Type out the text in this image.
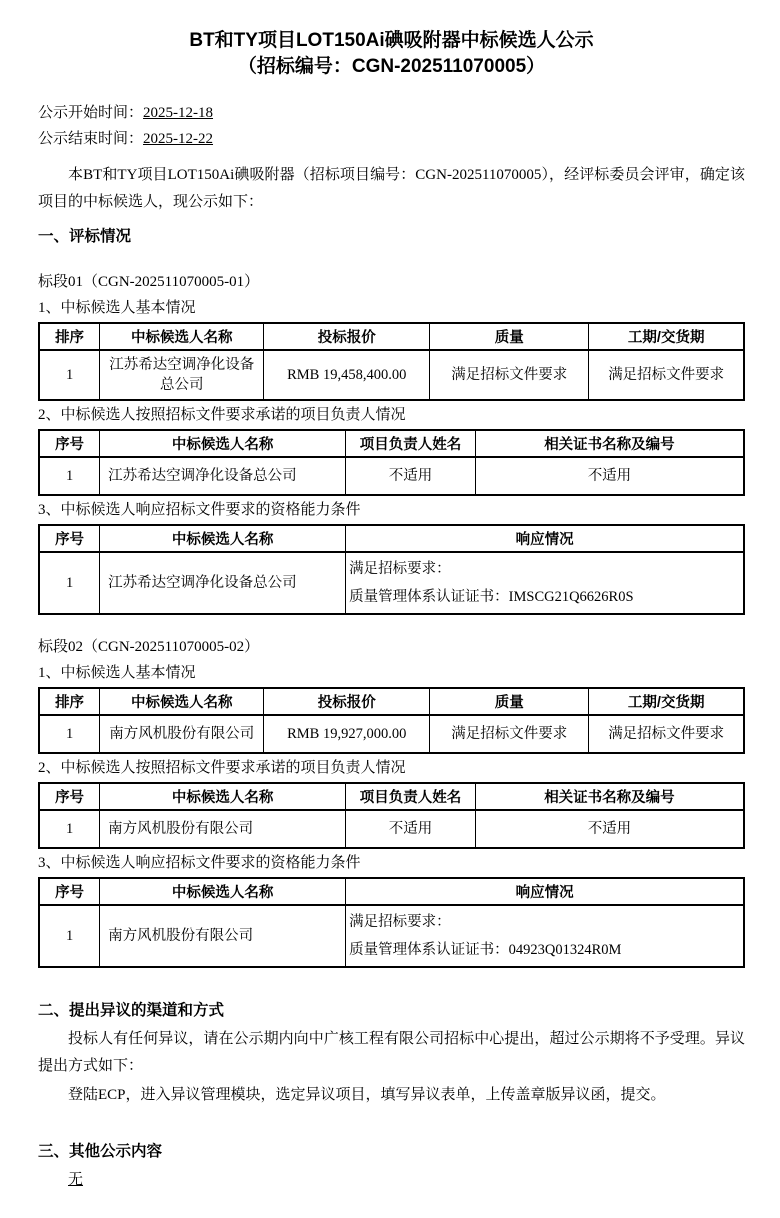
BT和TY项目LOT150Ai碘吸附器中标候选人公示
（招标编号：CGN-202511070005）
公示开始时间：2025-12-18
公示结束时间：2025-12-22

本BT和TY项目LOT150Ai碘吸附器（招标项目编号：CGN-202511070005），经评标委员会评审，确定该项目的中标候选人，现公示如下：

一、评标情况
标段01（CGN-202511070005-01）
1、中标候选人基本情况
排序	中标候选人名称	投标报价	质量	工期/交货期
1	江苏希达空调净化设备总公司	RMB 19,458,400.00	满足招标文件要求	满足招标文件要求
2、中标候选人按照招标文件要求承诺的项目负责人情况
序号	中标候选人名称	项目负责人姓名	相关证书名称及编号
1	江苏希达空调净化设备总公司	不适用	不适用
3、中标候选人响应招标文件要求的资格能力条件
序号	中标候选人名称	响应情况
1	江苏希达空调净化设备总公司	满足招标要求：
质量管理体系认证证书：IMSCG21Q6626R0S
标段02（CGN-202511070005-02）
1、中标候选人基本情况
排序	中标候选人名称	投标报价	质量	工期/交货期
1	南方风机股份有限公司	RMB 19,927,000.00	满足招标文件要求	满足招标文件要求
2、中标候选人按照招标文件要求承诺的项目负责人情况
序号	中标候选人名称	项目负责人姓名	相关证书名称及编号
1	南方风机股份有限公司	不适用	不适用
3、中标候选人响应招标文件要求的资格能力条件
序号	中标候选人名称	响应情况
1	南方风机股份有限公司	满足招标要求：
质量管理体系认证证书：04923Q01324R0M
二、提出异议的渠道和方式

投标人有任何异议，请在公示期内向中广核工程有限公司招标中心提出，超过公示期将不予受理。异议提出方式如下：

登陆ECP，进入异议管理模块，选定异议项目，填写异议表单，上传盖章版异议函，提交。

三、其他公示内容

无
